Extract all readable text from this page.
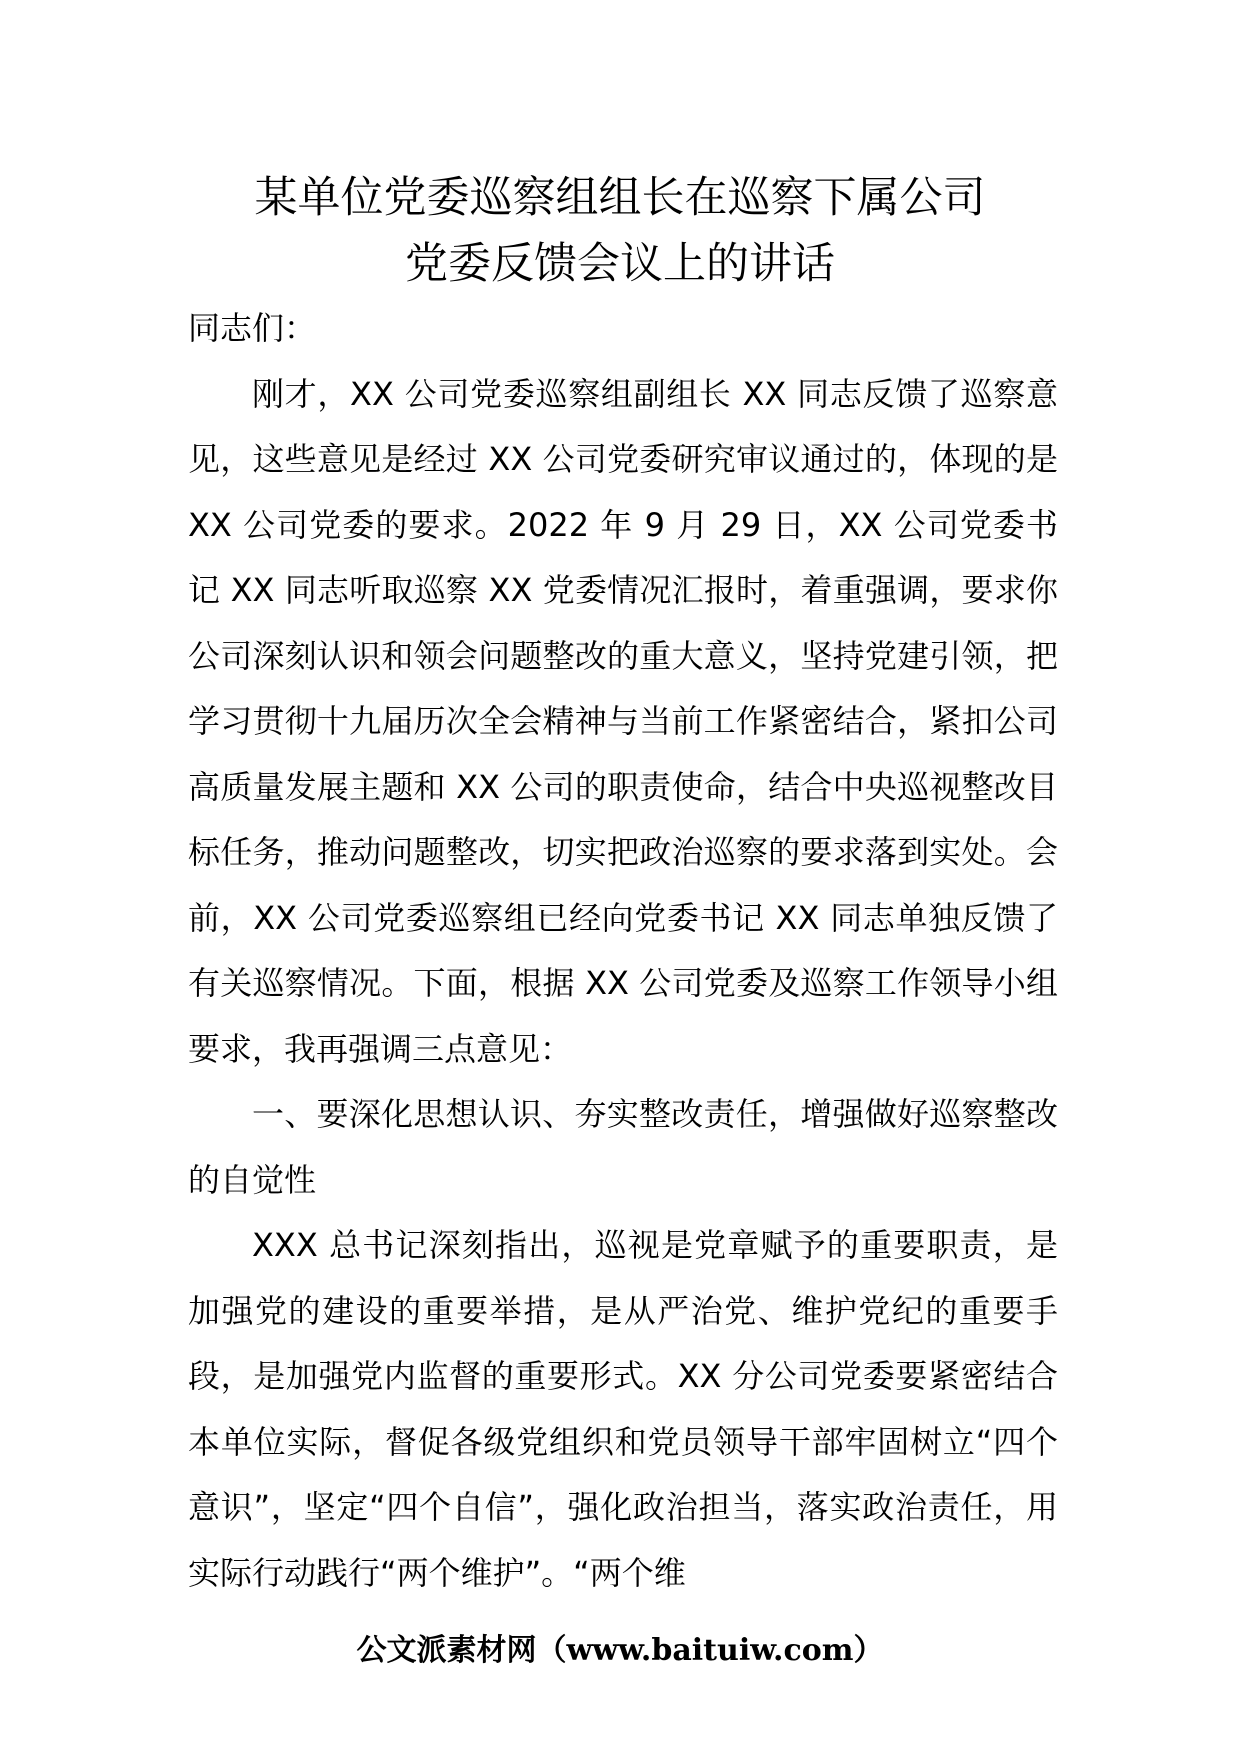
某单位党委巡察组组长在巡察下属公司
党委反馈会议上的讲话

同志们：

刚才，XX 公司党委巡察组副组长 XX 同志反馈了巡察意见，这些意见是经过 XX 公司党委研究审议通过的，体现的是 XX 公司党委的要求。2022 年 9 月 29 日，XX 公司党委书记 XX 同志听取巡察 XX 党委情况汇报时，着重强调，要求你公司深刻认识和领会问题整改的重大意义，坚持党建引领，把学习贯彻十九届历次全会精神与当前工作紧密结合，紧扣公司高质量发展主题和 XX 公司的职责使命，结合中央巡视整改目标任务，推动问题整改，切实把政治巡察的要求落到实处。会前，XX 公司党委巡察组已经向党委书记 XX 同志单独反馈了有关巡察情况。下面，根据 XX 公司党委及巡察工作领导小组要求，我再强调三点意见：

一、要深化思想认识、夯实整改责任，增强做好巡察整改的自觉性

XXX 总书记深刻指出，巡视是党章赋予的重要职责，是加强党的建设的重要举措，是从严治党、维护党纪的重要手段，是加强党内监督的重要形式。XX 分公司党委要紧密结合本单位实际，督促各级党组织和党员领导干部牢固树立“四个意识”，坚定“四个自信”，强化政治担当，落实政治责任，用实际行动践行“两个维护”。“两个维

公文派素材网（www.baituiw.com）
